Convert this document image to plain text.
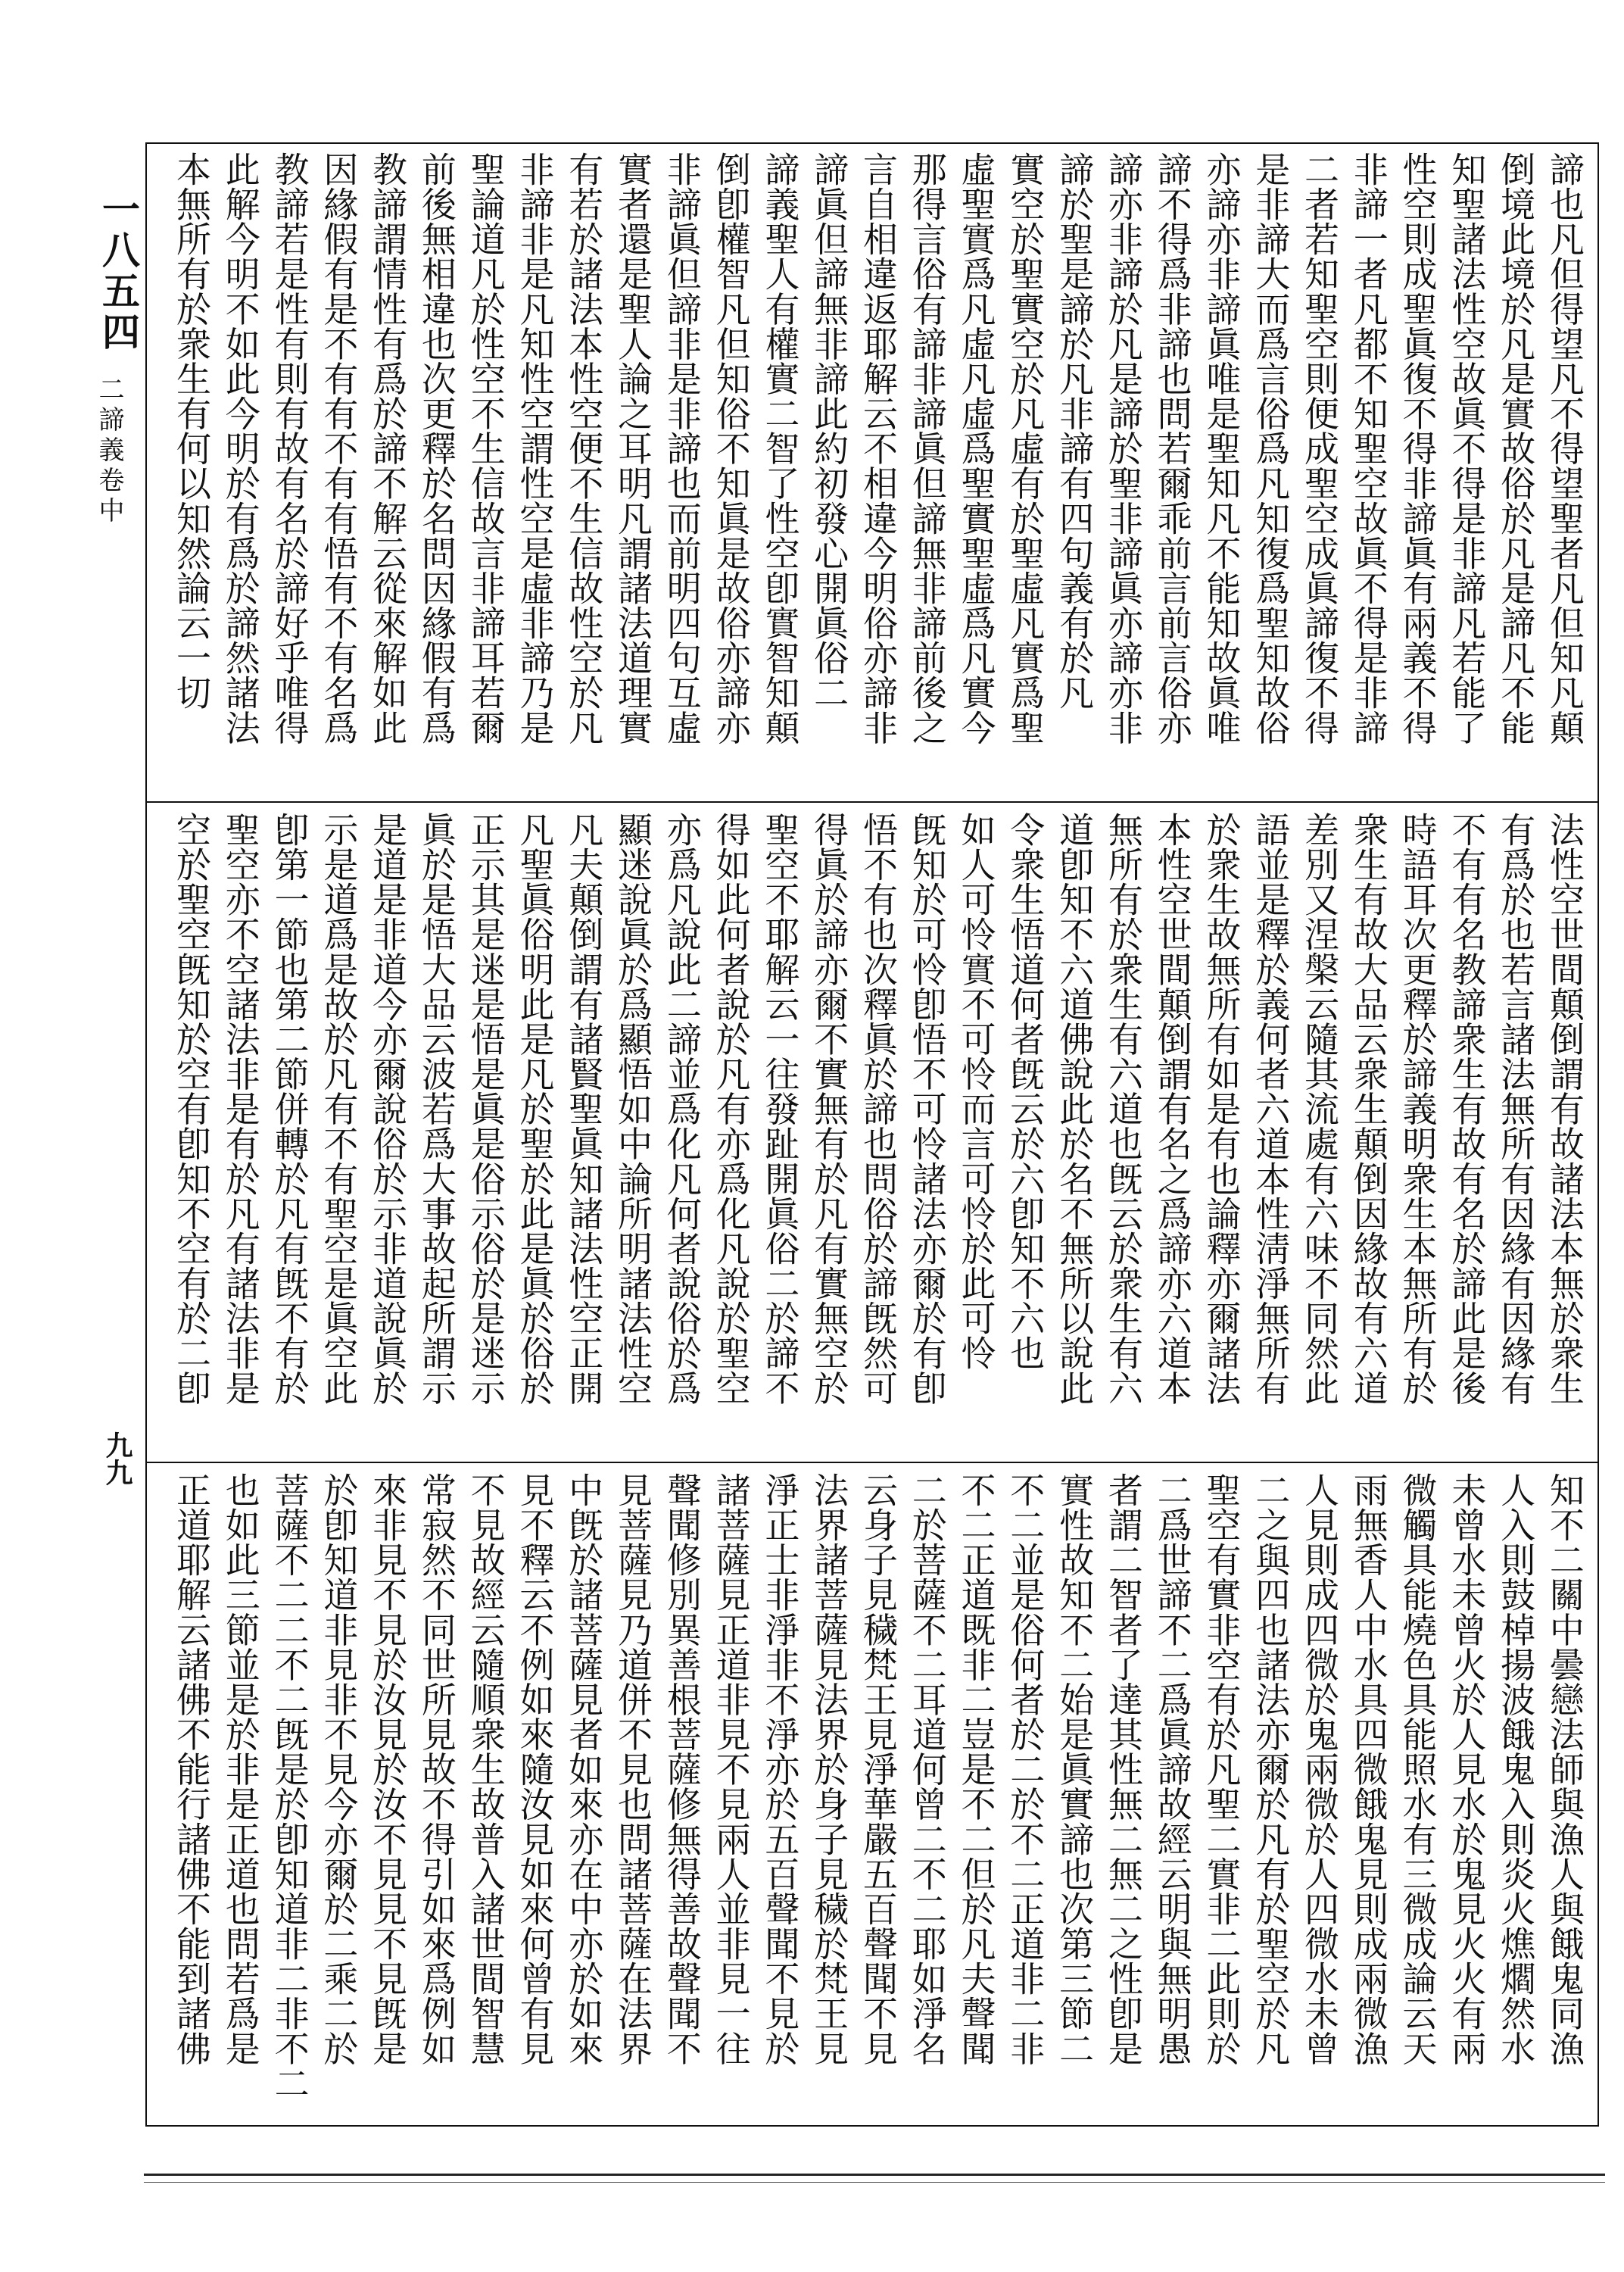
一八五四
二諦義卷中
九九
諦也凡但得望凡不得望聖者凡但知凡顛
倒境此境於凡是實故俗於凡是諦凡不能
知聖諸法性空故眞不得是非諦凡若能了
性空則成聖眞復不得非諦眞有兩義不得
非諦一者凡都不知聖空故眞不得是非諦
二者若知聖空則便成聖空成眞諦復不得
是非諦大而爲言俗爲凡知復爲聖知故俗
亦諦亦非諦眞唯是聖知凡不能知故眞唯
諦不得爲非諦也問若爾乖前言前言俗亦
諦亦非諦於凡是諦於聖非諦眞亦諦亦非
諦於聖是諦於凡非諦有四句義有於凡
實空於聖實空於凡虛有於聖虛凡實爲聖
虛聖實爲凡虛凡虛爲聖實聖虛爲凡實今
那得言俗有諦非諦眞但諦無非諦前後之
言自相違返耶解云不相違今明俗亦諦非
諦眞但諦無非諦此約初發心開眞俗二
諦義聖人有權實二智了性空卽實智知顛
倒卽權智凡但知俗不知眞是故俗亦諦亦
非諦眞但諦非是非諦也而前明四句互虛
實者還是聖人論之耳明凡謂諸法道理實
有若於諸法本性空便不生信故性空於凡
非諦非是凡知性空謂性空是虛非諦乃是
聖論道凡於性空不生信故言非諦耳若爾
前後無相違也次更釋於名問因緣假有爲
教諦謂情性有爲於諦不解云從來解如此
因緣假有是不有有不有有悟有不有名爲
教諦若是性有則有故有名於諦好乎唯得
此解今明不如此今明於有爲於諦然諸法
本無所有於衆生有何以知然論云一切
法性空世間顛倒謂有故諸法本無於衆生
有爲於也若言諸法無所有因緣有因緣有
不有有名教諦衆生有故有名於諦此是後
時語耳次更釋於諦義明衆生本無所有於
衆生有故大品云衆生顛倒因緣故有六道
差別又涅槃云隨其流處有六味不同然此
語並是釋於義何者六道本性淸淨無所有
於衆生故無所有如是有也論釋亦爾諸法
本性空世間顛倒謂有名之爲諦亦六道本
無所有於衆生有六道也旣云於衆生有六
道卽知不六道佛說此於名不無所以說此
令衆生悟道何者旣云於六卽知不六也
如人可怜實不可怜而言可怜於此可怜
旣知於可怜卽悟不可怜諸法亦爾於有卽
悟不有也次釋眞於諦也問俗於諦旣然可
得眞於諦亦爾不實無有於凡有實無空於
聖空不耶解云一往發趾開眞俗二於諦不
得如此何者說於凡有亦爲化凡說於聖空
亦爲凡說此二諦並爲化凡何者說俗於爲
顯迷說眞於爲顯悟如中論所明諸法性空
凡夫顛倒謂有諸賢聖眞知諸法性空正開
凡聖眞俗明此是凡於聖於此是眞於俗於
正示其是迷是悟是眞是俗示俗於是迷示
眞於是悟大品云波若爲大事故起所謂示
是道是非道今亦爾說俗於示非道說眞於
示是道爲是故於凡有不有聖空是眞空此
卽第一節也第二節併轉於凡有旣不有於
聖空亦不空諸法非是有於凡有諸法非是
空於聖空旣知於空有卽知不空有於二卽
知不二關中曇戀法師與漁人與餓鬼同漁
人入則鼓棹揚波餓鬼入則炎火燋爓然水
未曾水未曾火於人見水於鬼見火火有兩
微觸具能燒色具能照水有三微成論云天
雨無香人中水具四微餓鬼見則成兩微漁
人見則成四微於鬼兩微於人四微水未曾
二之與四也諸法亦爾於凡有於聖空於凡
聖空有實非空有於凡聖二實非二此則於
二爲世諦不二爲眞諦故經云明與無明愚
者謂二智者了達其性無二無二之性卽是
實性故知不二始是眞實諦也次第三節二
不二並是俗何者於二於不二正道非二非
不二正道既非二豈是不二但於凡夫聲聞
二於菩薩不二耳道何曾二不二耶如淨名
云身子見穢梵王見淨華嚴五百聲聞不見
法界諸菩薩見法界於身子見穢於梵王見
淨正士非淨非不淨亦於五百聲聞不見於
諸菩薩見正道非見不見兩人並非見一往
聲聞修別異善根菩薩修無得善故聲聞不
見菩薩見乃道併不見也問諸菩薩在法界
中旣於諸菩薩見者如來亦在中亦於如來
見不釋云不例如來隨汝見如來何曾有見
不見故經云隨順衆生故普入諸世間智慧
常寂然不同世所見故不得引如來爲例如
來非見不見於汝見於汝不見見不見旣是
於卽知道非見非不見今亦爾於二乘二於
菩薩不二二不二旣是於卽知道非二非不二
也如此三節並是於非是正道也問若爲是
正道耶解云諸佛不能行諸佛不能到諸佛
